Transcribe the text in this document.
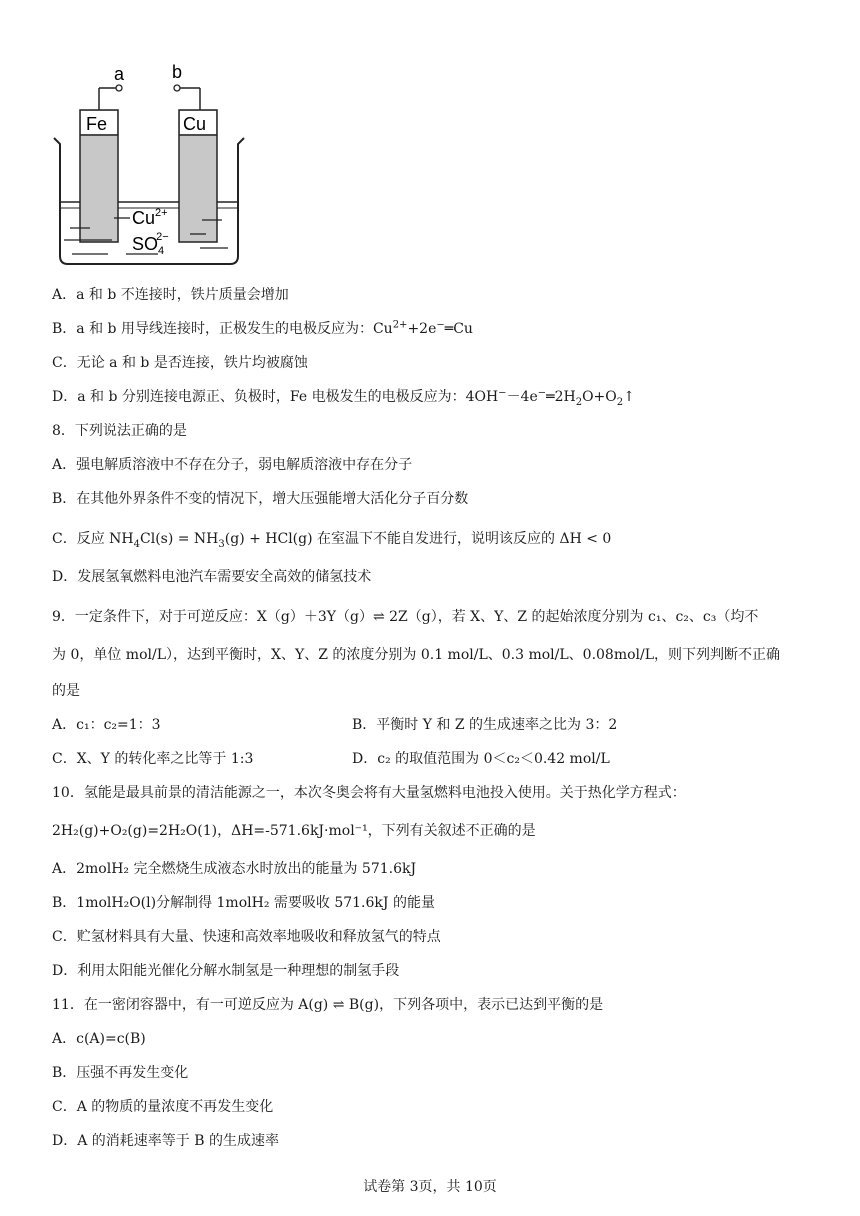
a	b
Fe	Cu
$Cu^{2+}$
$SO_42-$
A．a 和 b 不连接时，铁片质量会增加
B．a 和 b 用导线连接时，正极发生的电极反应为：$Cu^{2+}+2e^-═Cu$
C．无论 a 和 b 是否连接，铁片均被腐蚀
D．a 和 b 分别连接电源正、负极时，Fe 电极发生的电极反应为：$4OH^--4e^-═2H_2O+O_2↑$
8．下列说法正确的是
A．强电解质溶液中不存在分子，弱电解质溶液中存在分子
B．在其他外界条件不变的情况下，增大压强能增大活化分子百分数
C．反应 $NH_4Cl(s) = NH_3(g) + HCl(g)$ 在室温下不能自发进行，说明该反应的 ΔH < 0
D．发展氢氧燃料电池汽车需要安全高效的储氢技术
9．一定条件下，对于可逆反应：X（g）＋3Y（g）⇌ 2Z（g），若 X、Y、Z 的起始浓度分别为 c₁、c₂、c₃（均不
为 0，单位 mol/L），达到平衡时，X、Y、Z 的浓度分别为 0.1 mol/L、0.3 mol/L、0.08mol/L，则下列判断不正确
的是
A．c₁：c₂=1：3	B．平衡时 Y 和 Z 的生成速率之比为 3：2
C．X、Y 的转化率之比等于 1:3	D．c₂ 的取值范围为 0＜c₂＜0.42 mol/L
10．氢能是最具前景的清洁能源之一，本次冬奥会将有大量氢燃料电池投入使用。关于热化学方程式：
2H₂(g)+O₂(g)=2H₂O(1)，ΔH=-571.6kJ·mol⁻¹，下列有关叙述不正确的是
A．2molH₂ 完全燃烧生成液态水时放出的能量为 571.6kJ
B．1molH₂O(l)分解制得 1molH₂ 需要吸收 571.6kJ 的能量
C．贮氢材料具有大量、快速和高效率地吸收和释放氢气的特点
D．利用太阳能光催化分解水制氢是一种理想的制氢手段
11．在一密闭容器中，有一可逆反应为 A(g) ⇌ B(g)，下列各项中，表示已达到平衡的是
A．c(A)=c(B)
B．压强不再发生变化
C．A 的物质的量浓度不再发生变化
D．A 的消耗速率等于 B 的生成速率
试卷第 3页，共 10页
